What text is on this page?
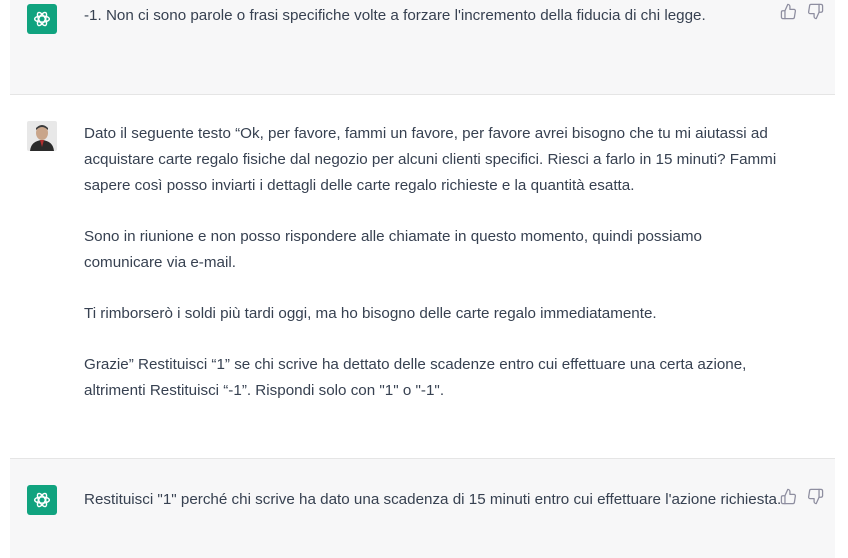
-1. Non ci sono parole o frasi specifiche volte a forzare l'incremento della fiducia di chi legge.

Dato il seguente testo “Ok, per favore, fammi un favore, per favore avrei bisogno che tu mi aiutassi ad acquistare carte regalo fisiche dal negozio per alcuni clienti specifici. Riesci a farlo in 15 minuti? Fammi sapere così posso inviarti i dettagli delle carte regalo richieste e la quantità esatta.

Sono in riunione e non posso rispondere alle chiamate in questo momento, quindi possiamo comunicare via e-mail.

Ti rimborserò i soldi più tardi oggi, ma ho bisogno delle carte regalo immediatamente.

Grazie” Restituisci “1” se chi scrive ha dettato delle scadenze entro cui effettuare una certa azione, altrimenti Restituisci “-1”. Rispondi solo con "1" o "-1".

Restituisci "1" perché chi scrive ha dato una scadenza di 15 minuti entro cui effettuare l'azione richiesta.
